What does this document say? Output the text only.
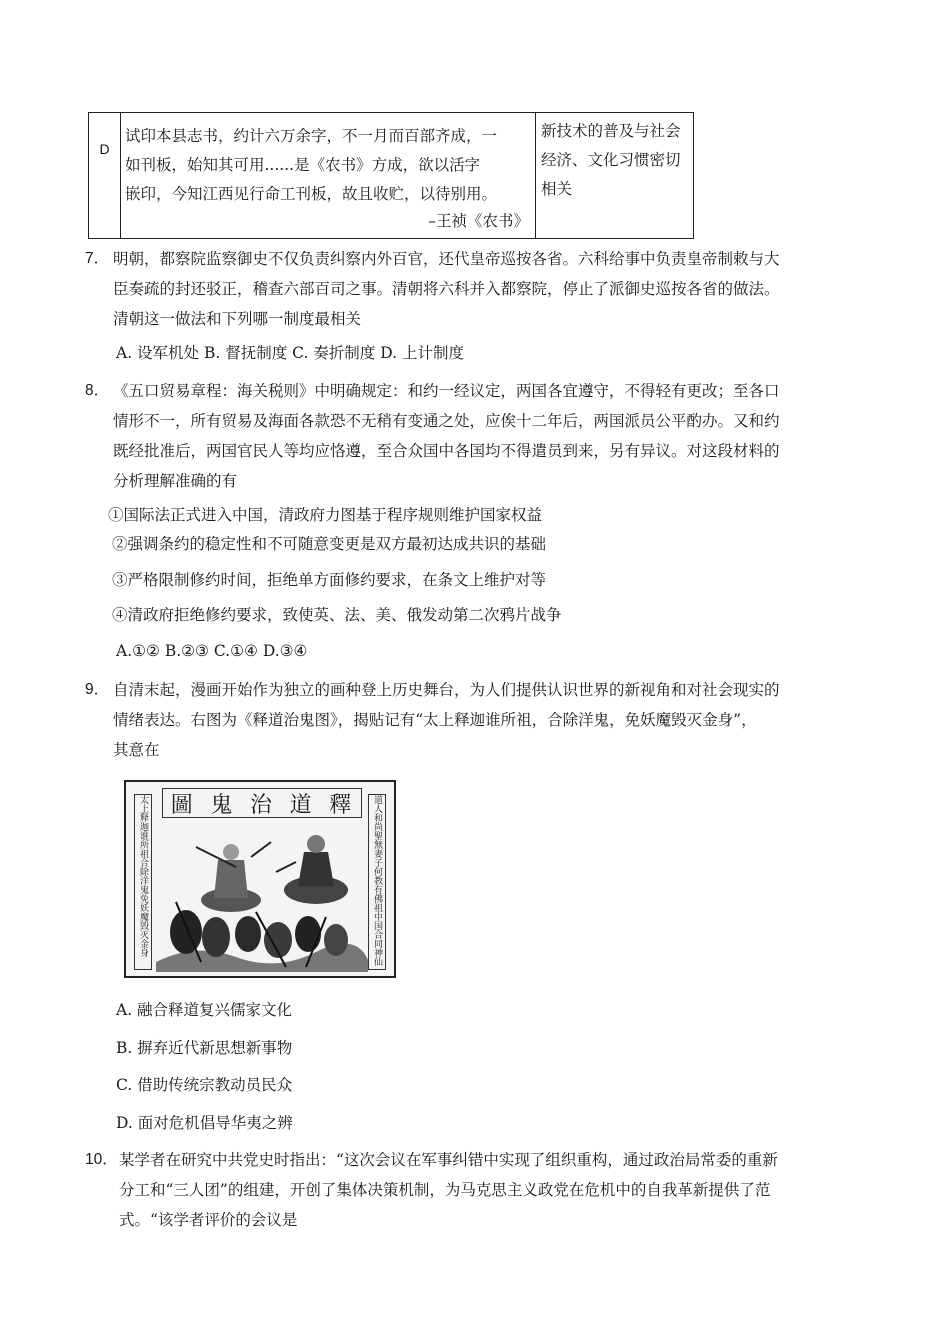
D
试印本县志书，约计六万余字，不一月而百部齐成，一
如刊板，始知其可用......是《农书》方成，欲以活字
嵌印，今知江西见行命工刊板，故且收贮，以待别用。
–王祯《农书》
新技术的普及与社会
经济、文化习惯密切
相关
7． 明朝，都察院监察御史不仅负责纠察内外百官，还代皇帝巡按各省。六科给事中负责皇帝制敕与大
臣奏疏的封还驳正，稽查六部百司之事。清朝将六科并入都察院，停止了派御史巡按各省的做法。
清朝这一做法和下列哪一制度最相关
A. 设军机处 B. 督抚制度 C. 奏折制度 D. 上计制度
8． 《五口贸易章程：海关税则》中明确规定：和约一经议定，两国各宜遵守，不得轻有更改；至各口
情形不一，所有贸易及海面各款恐不无稍有变通之处，应俟十二年后，两国派员公平酌办。又和约
既经批准后，两国官民人等均应恪遵，至合众国中各国均不得遣员到来，另有异议。对这段材料的
分析理解准确的有
①国际法正式进入中国，清政府力图基于程序规则维护国家权益
②强调条约的稳定性和不可随意变更是双方最初达成共识的基础
③严格限制修约时间，拒绝单方面修约要求，在条文上维护对等
④清政府拒绝修约要求，致使英、法、美、俄发动第二次鸦片战争
A.①② B.②③ C.①④ D.③④
9． 自清末起，漫画开始作为独立的画种登上历史舞台，为人们提供认识世界的新视角和对社会现实的
情绪表达。右图为《释道治鬼图》，揭贴记有“太上释迦谁所祖，合除洋鬼，免妖魔毁灭金身”，
其意在
圖 鬼 治 道 釋
太上释迦谁所祖合除洋鬼免妖魔毁灭金身	道人和尚聖無妻子何教有佛祖中国合同神仙
A. 融合释道复兴儒家文化
B. 摒弃近代新思想新事物
C. 借助传统宗教动员民众
D. 面对危机倡导华夷之辨
10． 某学者在研究中共党史时指出：“这次会议在军事纠错中实现了组织重构，通过政治局常委的重新
分工和“三人团”的组建，开创了集体决策机制，为马克思主义政党在危机中的自我革新提供了范
式。“该学者评价的会议是
